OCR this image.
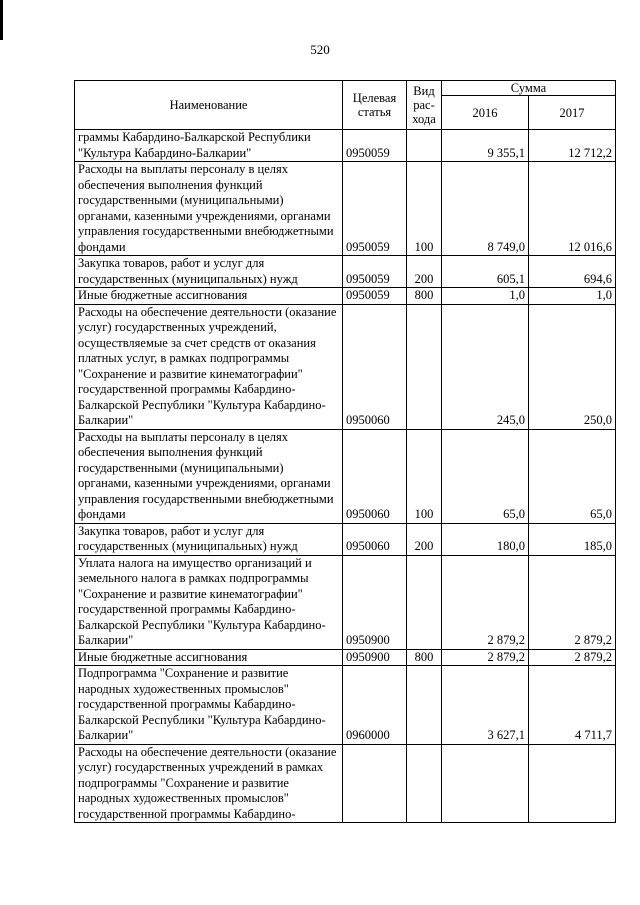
520
Наименование	Целевая статья	Вид рас-хода	Сумма	
			2016	2017
граммы Кабардино-Балкарской Республики "Культура Кабардино-Балкарии"	0950059		9 355,1	12 712,2
Расходы на выплаты персоналу в целях обеспечения выполнения функций государственными (муниципальными) органами, казенными учреждениями, органами управления государственными внебюджетными фондами	0950059	100	8 749,0	12 016,6
Закупка товаров, работ и услуг для государственных (муниципальных) нужд	0950059	200	605,1	694,6
Иные бюджетные ассигнования	0950059	800	1,0	1,0
Расходы на обеспечение деятельности (оказание услуг) государственных учреждений, осуществляемые за счет средств от оказания платных услуг, в рамках подпрограммы "Сохранение и развитие кинематографии" государственной программы Кабардино-Балкарской Республики "Культура Кабардино-Балкарии"	0950060		245,0	250,0
Расходы на выплаты персоналу в целях обеспечения выполнения функций государственными (муниципальными) органами, казенными учреждениями, органами управления государственными внебюджетными фондами	0950060	100	65,0	65,0
Закупка товаров, работ и услуг для государственных (муниципальных) нужд	0950060	200	180,0	185,0
Уплата налога на имущество организаций и земельного налога в рамках подпрограммы "Сохранение и развитие кинематографии" государственной программы Кабардино-Балкарской Республики "Культура Кабардино-Балкарии"	0950900		2 879,2	2 879,2
Иные бюджетные ассигнования	0950900	800	2 879,2	2 879,2
Подпрограмма "Сохранение и развитие народных художественных промыслов" государственной программы Кабардино-Балкарской Республики "Культура Кабардино-Балкарии"	0960000		3 627,1	4 711,7
Расходы на обеспечение деятельности (оказание услуг) государственных учреждений в рамках подпрограммы "Сохранение и развитие народных художественных промыслов" государственной программы Кабардино-				
